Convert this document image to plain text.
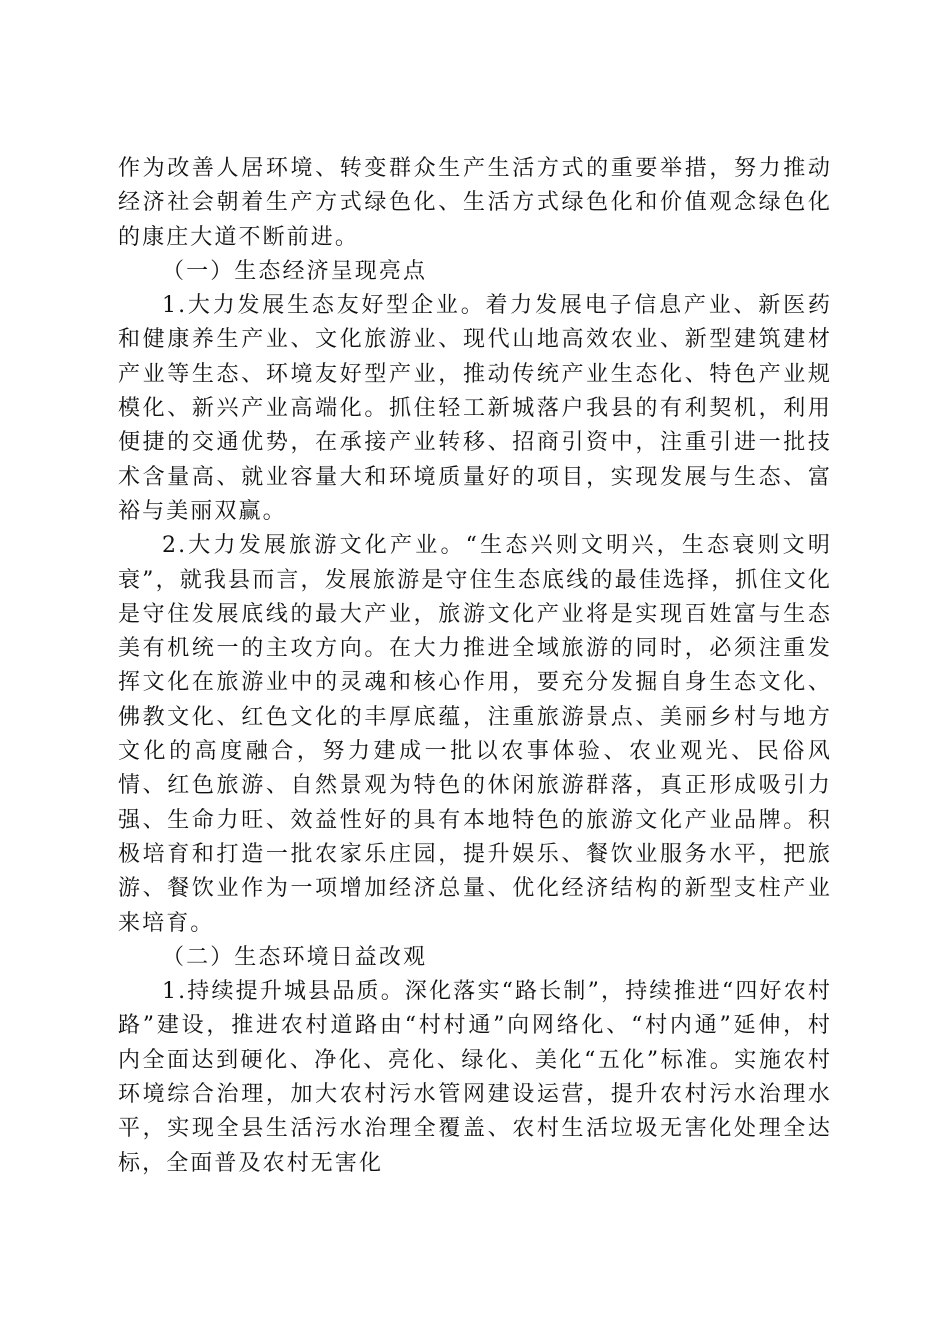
作为改善人居环境、转变群众生产生活方式的重要举措，努力推动经济社会朝着生产方式绿色化、生活方式绿色化和价值观念绿色化的康庄大道不断前进。

（一）生态经济呈现亮点

1.大力发展生态友好型企业。着力发展电子信息产业、新医药和健康养生产业、文化旅游业、现代山地高效农业、新型建筑建材产业等生态、环境友好型产业，推动传统产业生态化、特色产业规模化、新兴产业高端化。抓住轻工新城落户我县的有利契机，利用便捷的交通优势，在承接产业转移、招商引资中，注重引进一批技术含量高、就业容量大和环境质量好的项目，实现发展与生态、富裕与美丽双赢。

2.大力发展旅游文化产业。“生态兴则文明兴，生态衰则文明衰”，就我县而言，发展旅游是守住生态底线的最佳选择，抓住文化是守住发展底线的最大产业，旅游文化产业将是实现百姓富与生态美有机统一的主攻方向。在大力推进全域旅游的同时，必须注重发挥文化在旅游业中的灵魂和核心作用，要充分发掘自身生态文化、佛教文化、红色文化的丰厚底蕴，注重旅游景点、美丽乡村与地方文化的高度融合，努力建成一批以农事体验、农业观光、民俗风情、红色旅游、自然景观为特色的休闲旅游群落，真正形成吸引力强、生命力旺、效益性好的具有本地特色的旅游文化产业品牌。积极培育和打造一批农家乐庄园，提升娱乐、餐饮业服务水平，把旅游、餐饮业作为一项增加经济总量、优化经济结构的新型支柱产业来培育。

（二）生态环境日益改观

1.持续提升城县品质。深化落实“路长制”，持续推进“四好农村路”建设，推进农村道路由“村村通”向网络化、“村内通”延伸，村内全面达到硬化、净化、亮化、绿化、美化“五化”标准。实施农村环境综合治理，加大农村污水管网建设运营，提升农村污水治理水平，实现全县生活污水治理全覆盖、农村生活垃圾无害化处理全达标，全面普及农村无害化
